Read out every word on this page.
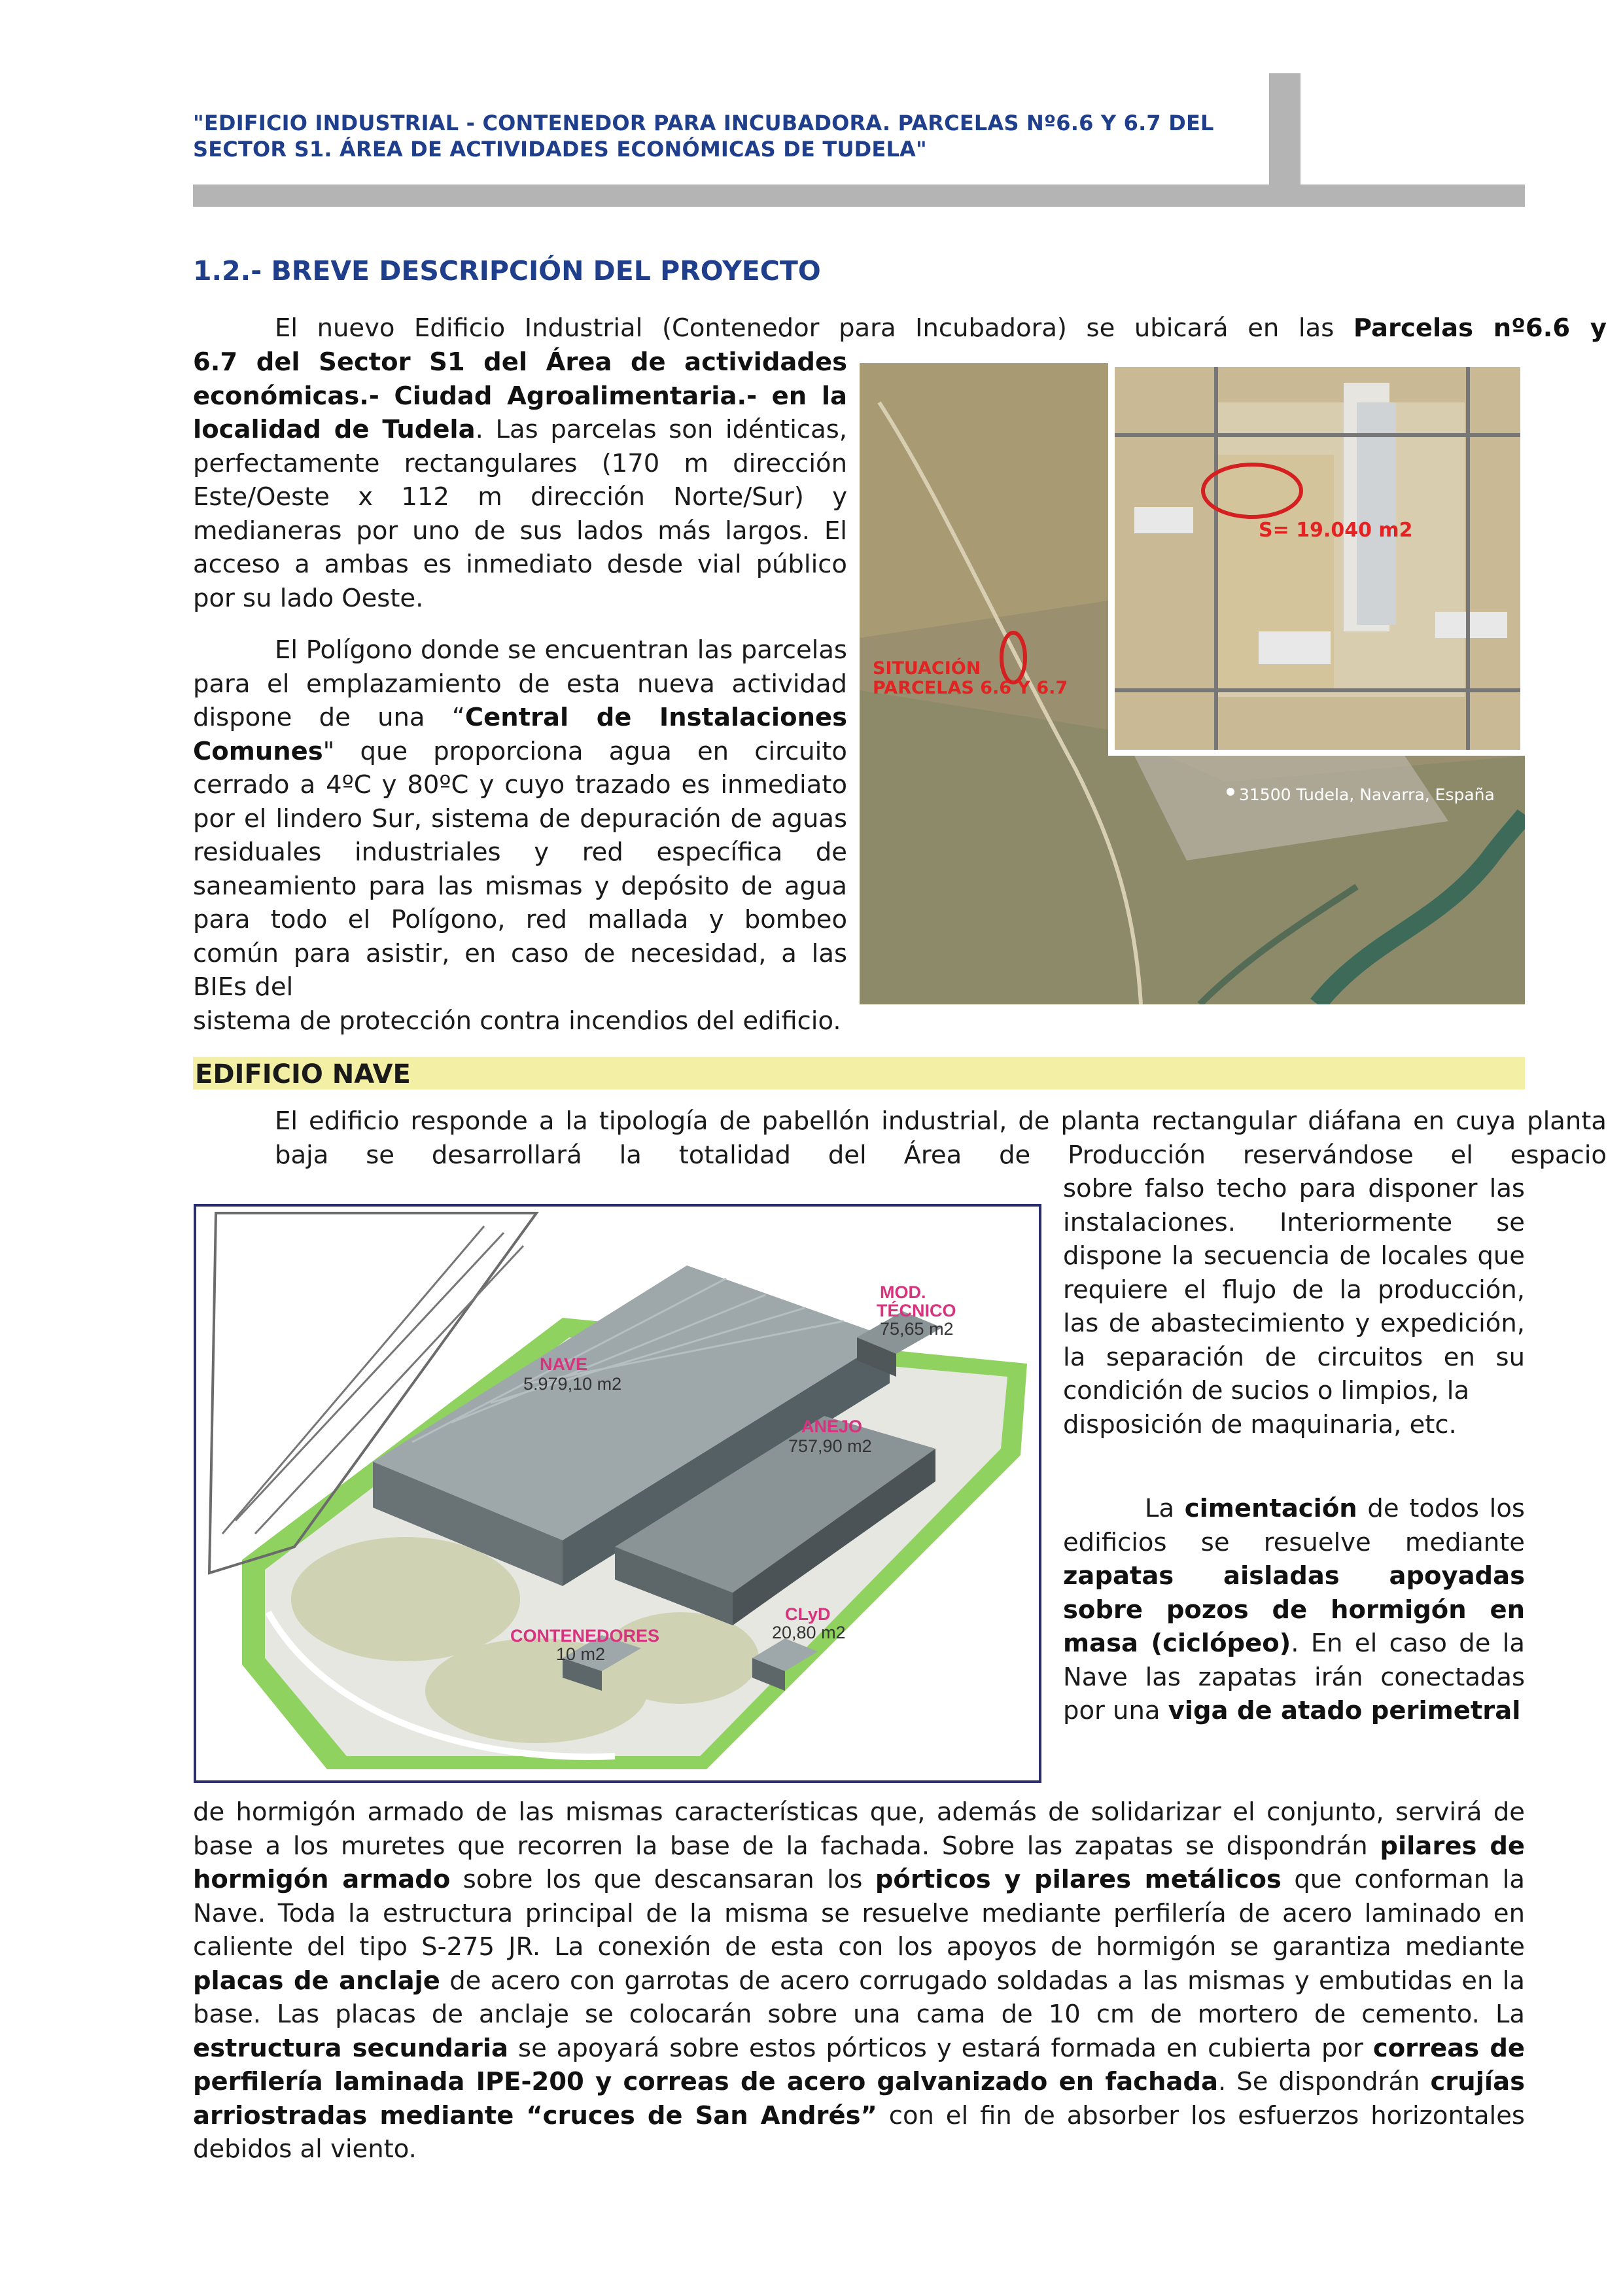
"EDIFICIO INDUSTRIAL - CONTENEDOR PARA INCUBADORA. PARCELAS Nº6.6 Y 6.7 DEL
SECTOR S1. ÁREA DE ACTIVIDADES ECONÓMICAS DE TUDELA"
1.2.- BREVE DESCRIPCIÓN DEL PROYECTO
El nuevo Edificio Industrial (Contenedor para Incubadora) se ubicará en las Parcelas nº6.6 y
6.7 del Sector S1 del Área de actividades económicas.- Ciudad Agroalimentaria.- en la localidad de Tudela. Las parcelas son idénticas, perfectamente rectangulares (170 m dirección Este/Oeste x 112 m dirección Norte/Sur) y medianeras por uno de sus lados más largos. El acceso a ambas es inmediato desde vial público por su lado Oeste.
El Polígono donde se encuentran las parcelas para el emplazamiento de esta nueva actividad dispone de una “Central de Instalaciones Comunes" que proporciona agua en circuito cerrado a 4ºC y 80ºC y cuyo trazado es inmediato por el lindero Sur, sistema de depuración de aguas residuales industriales y red específica de saneamiento para las mismas y depósito de agua para todo el Polígono, red mallada y bombeo común para asistir, en caso de necesidad, a las BIEs del
sistema de protección contra incendios del edificio.
S= 19.040 m2
SITUACIÓN
PARCELAS 6.6 Y 6.7
31500 Tudela, Navarra, España
EDIFICIO NAVE
El edificio responde a la tipología de pabellón industrial, de planta rectangular diáfana en cuya planta baja se desarrollará la totalidad del Área de Producción reservándose el espacio
sobre falso techo para disponer las instalaciones. Interiormente se dispone la secuencia de locales que requiere el flujo de la producción, las de abastecimiento y expedición, la separación de circuitos en su condición de sucios o limpios, la
disposición de maquinaria, etc.
NAVE
5.979,10 m2
MOD.
TÉCNICO
75,65 m2
ANEJO
757,90 m2
CLyD
20,80 m2
CONTENEDORES
10 m2
La cimentación de todos los edificios se resuelve mediante zapatas aisladas apoyadas sobre pozos de hormigón en masa (ciclópeo). En el caso de la Nave las zapatas irán conectadas por una viga de atado perimetral
de hormigón armado de las mismas características que, además de solidarizar el conjunto, servirá de base a los muretes que recorren la base de la fachada. Sobre las zapatas se dispondrán pilares de hormigón armado sobre los que descansaran los pórticos y pilares metálicos que conforman la Nave. Toda la estructura principal de la misma se resuelve mediante perfilería de acero laminado en caliente del tipo S-275 JR. La conexión de esta con los apoyos de hormigón se garantiza mediante placas de anclaje de acero con garrotas de acero corrugado soldadas a las mismas y embutidas en la base. Las placas de anclaje se colocarán sobre una cama de 10 cm de mortero de cemento. La estructura secundaria se apoyará sobre estos pórticos y estará formada en cubierta por correas de perfilería laminada IPE-200 y correas de acero galvanizado en fachada. Se dispondrán crujías arriostradas mediante “cruces de San Andrés” con el fin de absorber los esfuerzos horizontales debidos al viento.
